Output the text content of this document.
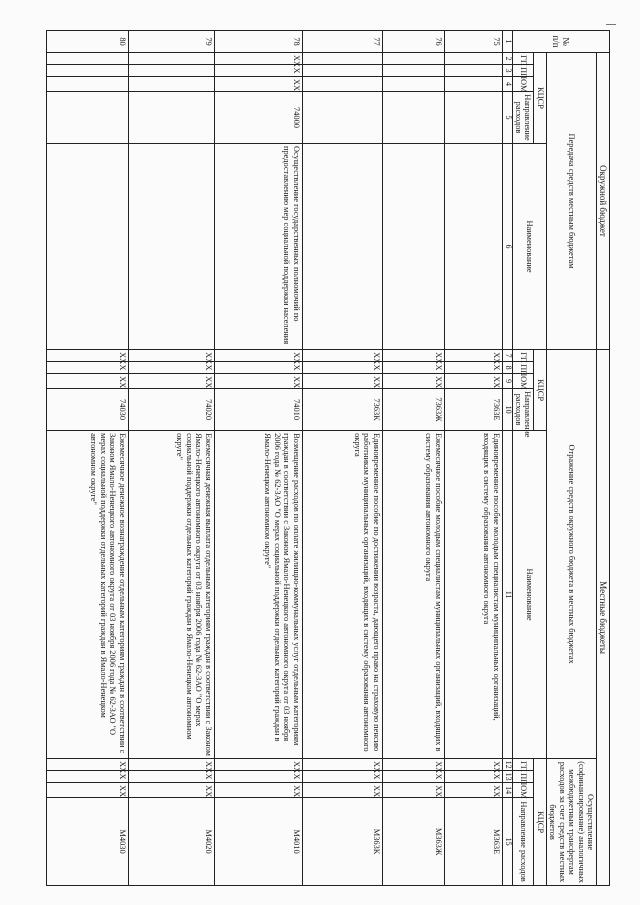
№ п/п	Окружной бюджет					Местные бюджеты								
	Передача средств местным бюджетам					Отражение средств окружного бюджета в местных бюджетах					Осуществление (софинансирование) аналогичных межбюджетным трансфертам расходов за счет средств местных бюджетов			
	КЦСР				Наименование	КЦСР				Наименование	КЦСР			
	ГП	ПП	ОМ	Направление расходов		ГП	ПП	ОМ	Направление расходов		ГП	ПП	ОМ	Направление расходов
1	2	3	4	5	6	7	8	9	10	11	12	13	14	15
75						ХХ	Х	ХХ	7363Е	Единовременное пособие молодым специалистам муниципальных организаций, входящих в систему образования автономного округа	ХХ	Х	ХХ	М363Е
76						ХХ	Х	ХХ	7363Ж	Ежемесячное пособие молодым специалистам муниципальных организаций, входящих в систему образования автономного округа	ХХ	Х	ХХ	М363Ж
77						ХХ	Х	ХХ	7363К	Единовременное пособие по достижении возраста, дающего право на страховую пенсию работникам муниципальных организаций, входящих в систему образования автономного округа	ХХ	Х	ХХ	М363К
78	ХХ	Х	ХХ	74000	Осуществление государственных полномочий по предоставлению мер социальной поддержки населения	ХХ	Х	ХХ	74010	Возмещение расходов по оплате жилищно-коммунальных услуг отдельным категориям граждан в соответствии с Законом Ямало-Ненецкого автономного округа от 03 ноября 2006 года № 62-ЗАО "О мерах социальной поддержки отдельных категорий граждан в Ямало-Ненецком автономном округе"	ХХ	Х	ХХ	М4010
79						ХХ	Х	ХХ	74020	Ежемесячная денежная выплата отдельным категориям граждан в соответствии с Законом Ямало-Ненецкого автономного округа от 03 ноября 2006 года № 62-ЗАО "О мерах социальной поддержки отдельных категорий граждан в Ямало-Ненецком автономном округе"	ХХ	Х	ХХ	М4020
80						ХХ	Х	ХХ	74030	Ежемесячное денежное вознаграждение отдельным категориям граждан в соответствии с Законом Ямало-Ненецкого автономного округа от 03 ноября 2006 года № 62-ЗАО "О мерах социальной поддержки отдельных категорий граждан в Ямало-Ненецком автономном округе"	ХХ	Х	ХХ	М4030
